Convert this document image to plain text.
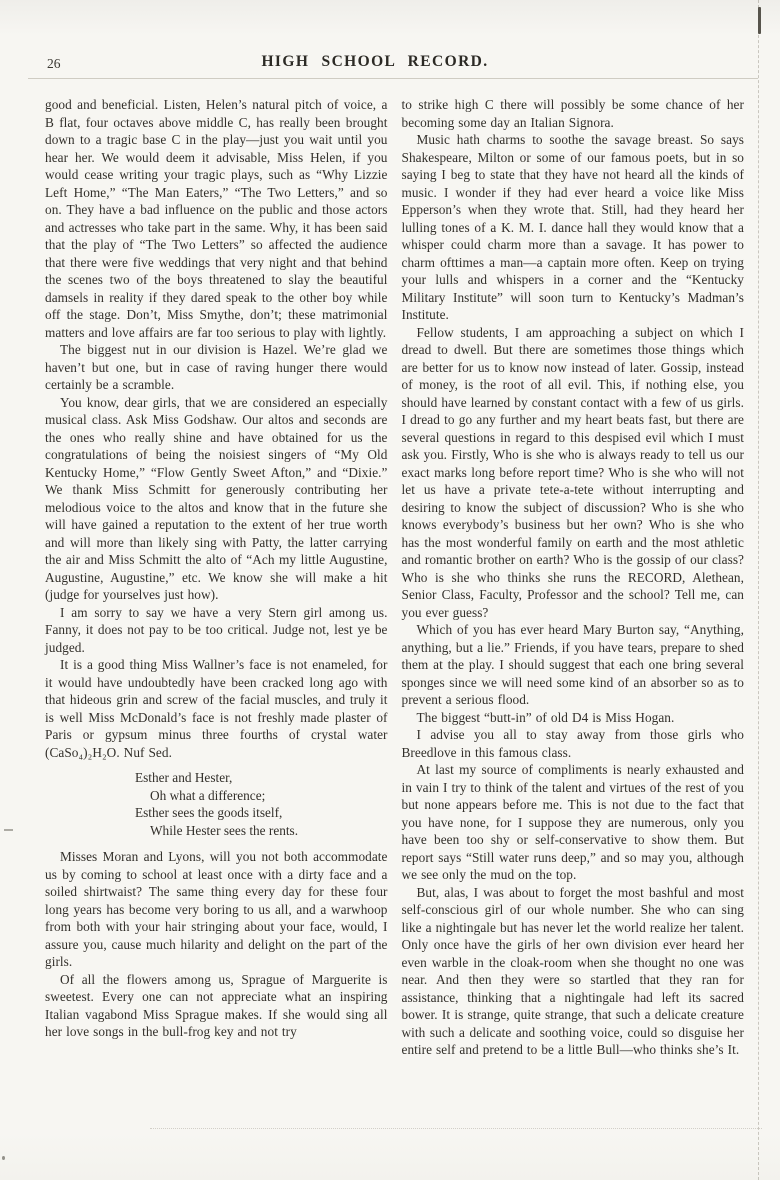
26	HIGH SCHOOL RECORD.

good and beneficial. Listen, Helen’s natural pitch of voice, a B flat, four octaves above middle C, has really been brought down to a tragic base C in the play—just you wait until you hear her. We would deem it advisable, Miss Helen, if you would cease writing your tragic plays, such as “Why Lizzie Left Home,” “The Man Eaters,” “The Two Letters,” and so on. They have a bad influence on the public and those actors and actresses who take part in the same. Why, it has been said that the play of “The Two Letters” so affected the audience that there were five weddings that very night and that behind the scenes two of the boys threatened to slay the beautiful damsels in reality if they dared speak to the other boy while off the stage. Don’t, Miss Smythe, don’t; these matrimonial matters and love affairs are far too serious to play with lightly.

The biggest nut in our division is Hazel. We’re glad we haven’t but one, but in case of raving hunger there would certainly be a scramble.

You know, dear girls, that we are considered an especially musical class. Ask Miss Godshaw. Our altos and seconds are the ones who really shine and have obtained for us the congratulations of being the noisiest singers of “My Old Kentucky Home,” “Flow Gently Sweet Afton,” and “Dixie.” We thank Miss Schmitt for generously contributing her melodious voice to the altos and know that in the future she will have gained a reputation to the extent of her true worth and will more than likely sing with Patty, the latter carrying the air and Miss Schmitt the alto of “Ach my little Augustine, Augustine, Augustine,” etc. We know she will make a hit (judge for yourselves just how).

I am sorry to say we have a very Stern girl among us. Fanny, it does not pay to be too critical. Judge not, lest ye be judged.

It is a good thing Miss Wallner’s face is not enameled, for it would have undoubtedly have been cracked long ago with that hideous grin and screw of the facial muscles, and truly it is well Miss McDonald’s face is not freshly made plaster of Paris or gypsum minus three fourths of crystal water (CaSo₄)₂H₂O. Nuf Sed.

Esther and Hester,
Oh what a difference;
Esther sees the goods itself,
While Hester sees the rents.

Misses Moran and Lyons, will you not both accommodate us by coming to school at least once with a dirty face and a soiled shirtwaist? The same thing every day for these four long years has become very boring to us all, and a warwhoop from both with your hair stringing about your face, would, I assure you, cause much hilarity and delight on the part of the girls.

Of all the flowers among us, Sprague of Marguerite is sweetest. Every one can not appreciate what an inspiring Italian vagabond Miss Sprague makes. If she would sing all her love songs in the bull-frog key and not try

to strike high C there will possibly be some chance of her becoming some day an Italian Signora.

Music hath charms to soothe the savage breast. So says Shakespeare, Milton or some of our famous poets, but in so saying I beg to state that they have not heard all the kinds of music. I wonder if they had ever heard a voice like Miss Epperson’s when they wrote that. Still, had they heard her lulling tones of a K. M. I. dance hall they would know that a whisper could charm more than a savage. It has power to charm ofttimes a man—a captain more often. Keep on trying your lulls and whispers in a corner and the “Kentucky Military Institute” will soon turn to Kentucky’s Madman’s Institute.

Fellow students, I am approaching a subject on which I dread to dwell. But there are sometimes those things which are better for us to know now instead of later. Gossip, instead of money, is the root of all evil. This, if nothing else, you should have learned by constant contact with a few of us girls. I dread to go any further and my heart beats fast, but there are several questions in regard to this despised evil which I must ask you. Firstly, Who is she who is always ready to tell us our exact marks long before report time? Who is she who will not let us have a private tete-a-tete without interrupting and desiring to know the subject of discussion? Who is she who knows everybody’s business but her own? Who is she who has the most wonderful family on earth and the most athletic and romantic brother on earth? Who is the gossip of our class? Who is she who thinks she runs the RECORD, Alethean, Senior Class, Faculty, Professor and the school? Tell me, can you ever guess?

Which of you has ever heard Mary Burton say, “Anything, anything, but a lie.” Friends, if you have tears, prepare to shed them at the play. I should suggest that each one bring several sponges since we will need some kind of an absorber so as to prevent a serious flood.

The biggest “butt-in” of old D4 is Miss Hogan.

I advise you all to stay away from those girls who Breedlove in this famous class.

At last my source of compliments is nearly exhausted and in vain I try to think of the talent and virtues of the rest of you but none appears before me. This is not due to the fact that you have none, for I suppose they are numerous, only you have been too shy or self-conservative to show them. But report says “Still water runs deep,” and so may you, although we see only the mud on the top.

But, alas, I was about to forget the most bashful and most self-conscious girl of our whole number. She who can sing like a nightingale but has never let the world realize her talent. Only once have the girls of her own division ever heard her even warble in the cloak-room when she thought no one was near. And then they were so startled that they ran for assistance, thinking that a nightingale had left its sacred bower. It is strange, quite strange, that such a delicate creature with such a delicate and soothing voice, could so disguise her entire self and pretend to be a little Bull—who thinks she’s It.
